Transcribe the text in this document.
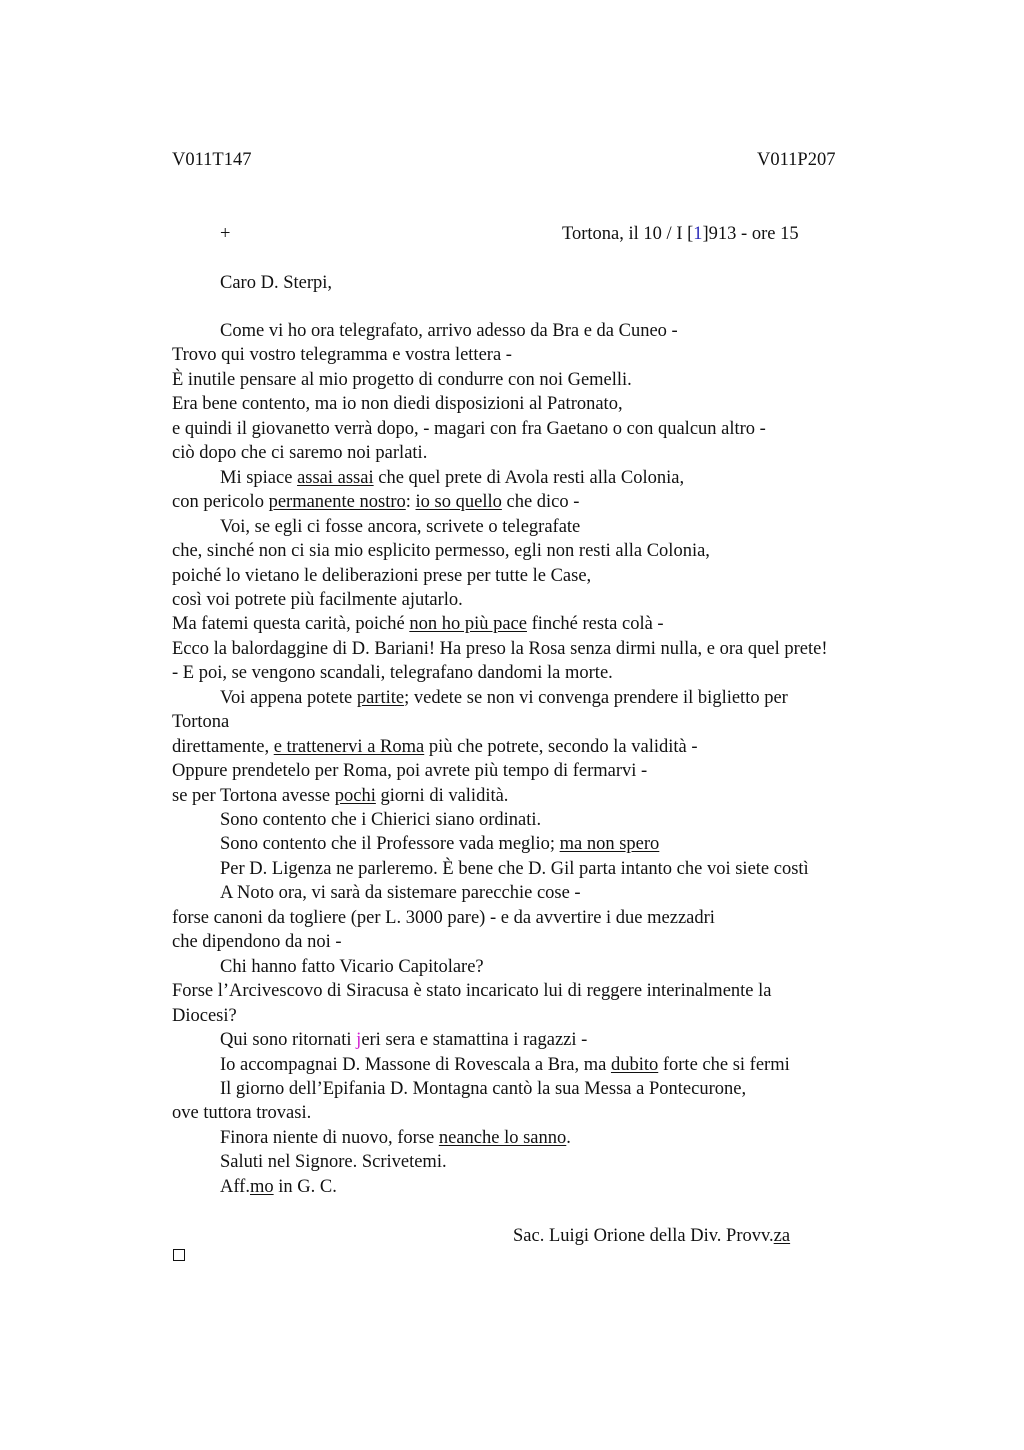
V011T147	V011P207
+	Tortona, il 10 / I [1]913 - ore 15
Caro D. Sterpi,
Come vi ho ora telegrafato, arrivo adesso da Bra e da Cuneo -
Trovo qui vostro telegramma e vostra lettera -
È inutile pensare al mio progetto di condurre con noi Gemelli.
Era bene contento, ma io non diedi disposizioni al Patronato,
e quindi il giovanetto verrà dopo, - magari con fra Gaetano o con qualcun altro -
ciò dopo che ci saremo noi parlati.
Mi spiace assai assai che quel prete di Avola resti alla Colonia,
con pericolo permanente nostro: io so quello che dico -
Voi, se egli ci fosse ancora, scrivete o telegrafate
che, sinché non ci sia mio esplicito permesso, egli non resti alla Colonia,
poiché lo vietano le deliberazioni prese per tutte le Case,
così voi potrete più facilmente ajutarlo.
Ma fatemi questa carità, poiché non ho più pace finché resta colà -
Ecco la balordaggine di D. Bariani! Ha preso la Rosa senza dirmi nulla, e ora quel prete!
- E poi, se vengono scandali, telegrafano dandomi la morte.
Voi appena potete partite; vedete se non vi convenga prendere il biglietto per
Tortona
direttamente, e trattenervi a Roma più che potrete, secondo la validità -
Oppure prendetelo per Roma, poi avrete più tempo di fermarvi -
se per Tortona avesse pochi giorni di validità.
Sono contento che i Chierici siano ordinati.
Sono contento che il Professore vada meglio; ma non spero
Per D. Ligenza ne parleremo. È bene che D. Gil parta intanto che voi siete costì
A Noto ora, vi sarà da sistemare parecchie cose -
forse canoni da togliere (per L. 3000 pare) - e da avvertire i due mezzadri
che dipendono da noi -
Chi hanno fatto Vicario Capitolare?
Forse l’Arcivescovo di Siracusa è stato incaricato lui di reggere interinalmente la
Diocesi?
Qui sono ritornati jeri sera e stamattina i ragazzi -
Io accompagnai D. Massone di Rovescala a Bra, ma dubito forte che si fermi
Il giorno dell’Epifania D. Montagna cantò la sua Messa a Pontecurone,
ove tuttora trovasi.
Finora niente di nuovo, forse neanche lo sanno.
Saluti nel Signore. Scrivetemi.
Aff.mo in G. C.
Sac. Luigi Orione della Div. Provv.za
